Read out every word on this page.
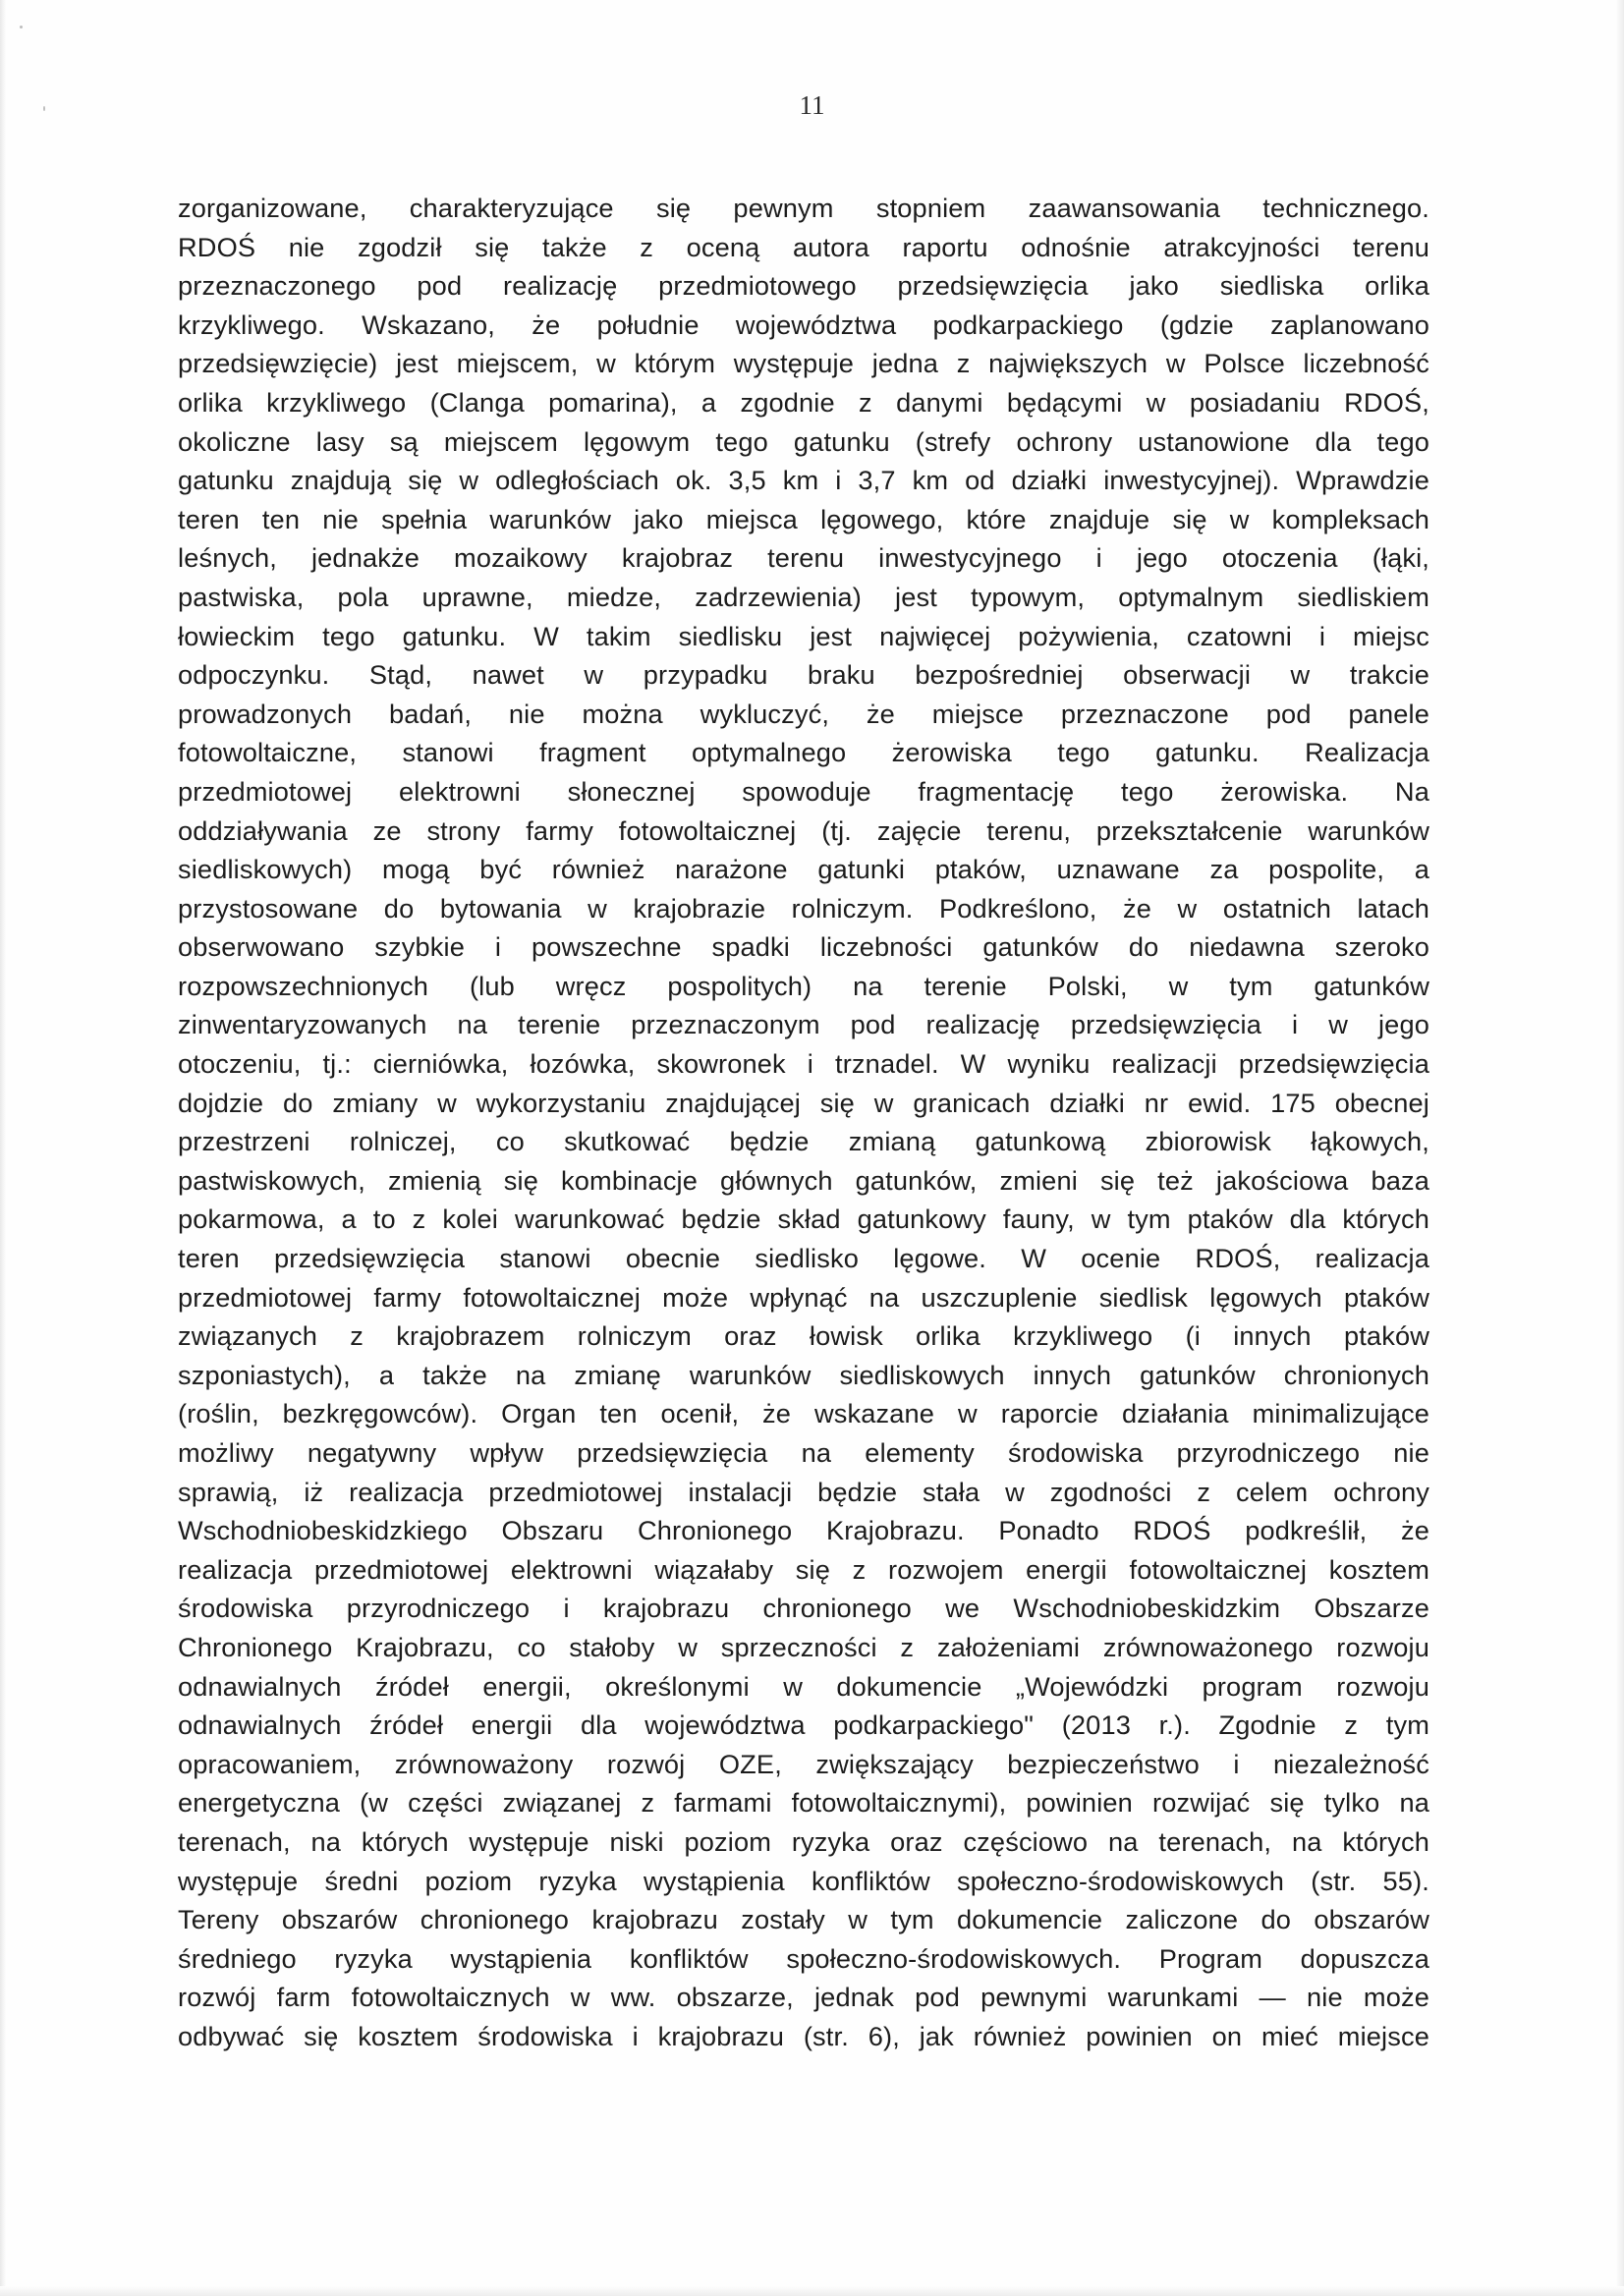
11
zorganizowane, charakteryzujące się pewnym stopniem zaawansowania technicznego.
RDOŚ nie zgodził się także z oceną autora raportu odnośnie atrakcyjności terenu
przeznaczonego pod realizację przedmiotowego przedsięwzięcia jako siedliska orlika
krzykliwego. Wskazano, że południe województwa podkarpackiego (gdzie zaplanowano
przedsięwzięcie) jest miejscem, w którym występuje jedna z największych w Polsce liczebność
orlika krzykliwego (Clanga pomarina), a zgodnie z danymi będącymi w posiadaniu RDOŚ,
okoliczne lasy są miejscem lęgowym tego gatunku (strefy ochrony ustanowione dla tego
gatunku znajdują się w odległościach ok. 3,5 km i 3,7 km od działki inwestycyjnej). Wprawdzie
teren ten nie spełnia warunków jako miejsca lęgowego, które znajduje się w kompleksach
leśnych, jednakże mozaikowy krajobraz terenu inwestycyjnego i jego otoczenia (łąki,
pastwiska, pola uprawne, miedze, zadrzewienia) jest typowym, optymalnym siedliskiem
łowieckim tego gatunku. W takim siedlisku jest najwięcej pożywienia, czatowni i miejsc
odpoczynku. Stąd, nawet w przypadku braku bezpośredniej obserwacji w trakcie
prowadzonych badań, nie można wykluczyć, że miejsce przeznaczone pod panele
fotowoltaiczne, stanowi fragment optymalnego żerowiska tego gatunku. Realizacja
przedmiotowej elektrowni słonecznej spowoduje fragmentację tego żerowiska. Na
oddziaływania ze strony farmy fotowoltaicznej (tj. zajęcie terenu, przekształcenie warunków
siedliskowych) mogą być również narażone gatunki ptaków, uznawane za pospolite, a
przystosowane do bytowania w krajobrazie rolniczym. Podkreślono, że w ostatnich latach
obserwowano szybkie i powszechne spadki liczebności gatunków do niedawna szeroko
rozpowszechnionych (lub wręcz pospolitych) na terenie Polski, w tym gatunków
zinwentaryzowanych na terenie przeznaczonym pod realizację przedsięwzięcia i w jego
otoczeniu, tj.: cierniówka, łozówka, skowronek i trznadel. W wyniku realizacji przedsięwzięcia
dojdzie do zmiany w wykorzystaniu znajdującej się w granicach działki nr ewid. 175 obecnej
przestrzeni rolniczej, co skutkować będzie zmianą gatunkową zbiorowisk łąkowych,
pastwiskowych, zmienią się kombinacje głównych gatunków, zmieni się też jakościowa baza
pokarmowa, a to z kolei warunkować będzie skład gatunkowy fauny, w tym ptaków dla których
teren przedsięwzięcia stanowi obecnie siedlisko lęgowe. W ocenie RDOŚ, realizacja
przedmiotowej farmy fotowoltaicznej może wpłynąć na uszczuplenie siedlisk lęgowych ptaków
związanych z krajobrazem rolniczym oraz łowisk orlika krzykliwego (i innych ptaków
szponiastych), a także na zmianę warunków siedliskowych innych gatunków chronionych
(roślin, bezkręgowców). Organ ten ocenił, że wskazane w raporcie działania minimalizujące
możliwy negatywny wpływ przedsięwzięcia na elementy środowiska przyrodniczego nie
sprawią, iż realizacja przedmiotowej instalacji będzie stała w zgodności z celem ochrony
Wschodniobeskidzkiego Obszaru Chronionego Krajobrazu. Ponadto RDOŚ podkreślił, że
realizacja przedmiotowej elektrowni wiązałaby się z rozwojem energii fotowoltaicznej kosztem
środowiska przyrodniczego i krajobrazu chronionego we Wschodniobeskidzkim Obszarze
Chronionego Krajobrazu, co stałoby w sprzeczności z założeniami zrównoważonego rozwoju
odnawialnych źródeł energii, określonymi w dokumencie „Wojewódzki program rozwoju
odnawialnych źródeł energii dla województwa podkarpackiego" (2013 r.). Zgodnie z tym
opracowaniem, zrównoważony rozwój OZE, zwiększający bezpieczeństwo i niezależność
energetyczna (w części związanej z farmami fotowoltaicznymi), powinien rozwijać się tylko na
terenach, na których występuje niski poziom ryzyka oraz częściowo na terenach, na których
występuje średni poziom ryzyka wystąpienia konfliktów społeczno-środowiskowych (str. 55).
Tereny obszarów chronionego krajobrazu zostały w tym dokumencie zaliczone do obszarów
średniego ryzyka wystąpienia konfliktów społeczno-środowiskowych. Program dopuszcza
rozwój farm fotowoltaicznych w ww. obszarze, jednak pod pewnymi warunkami — nie może
odbywać się kosztem środowiska i krajobrazu (str. 6), jak również powinien on mieć miejsce
